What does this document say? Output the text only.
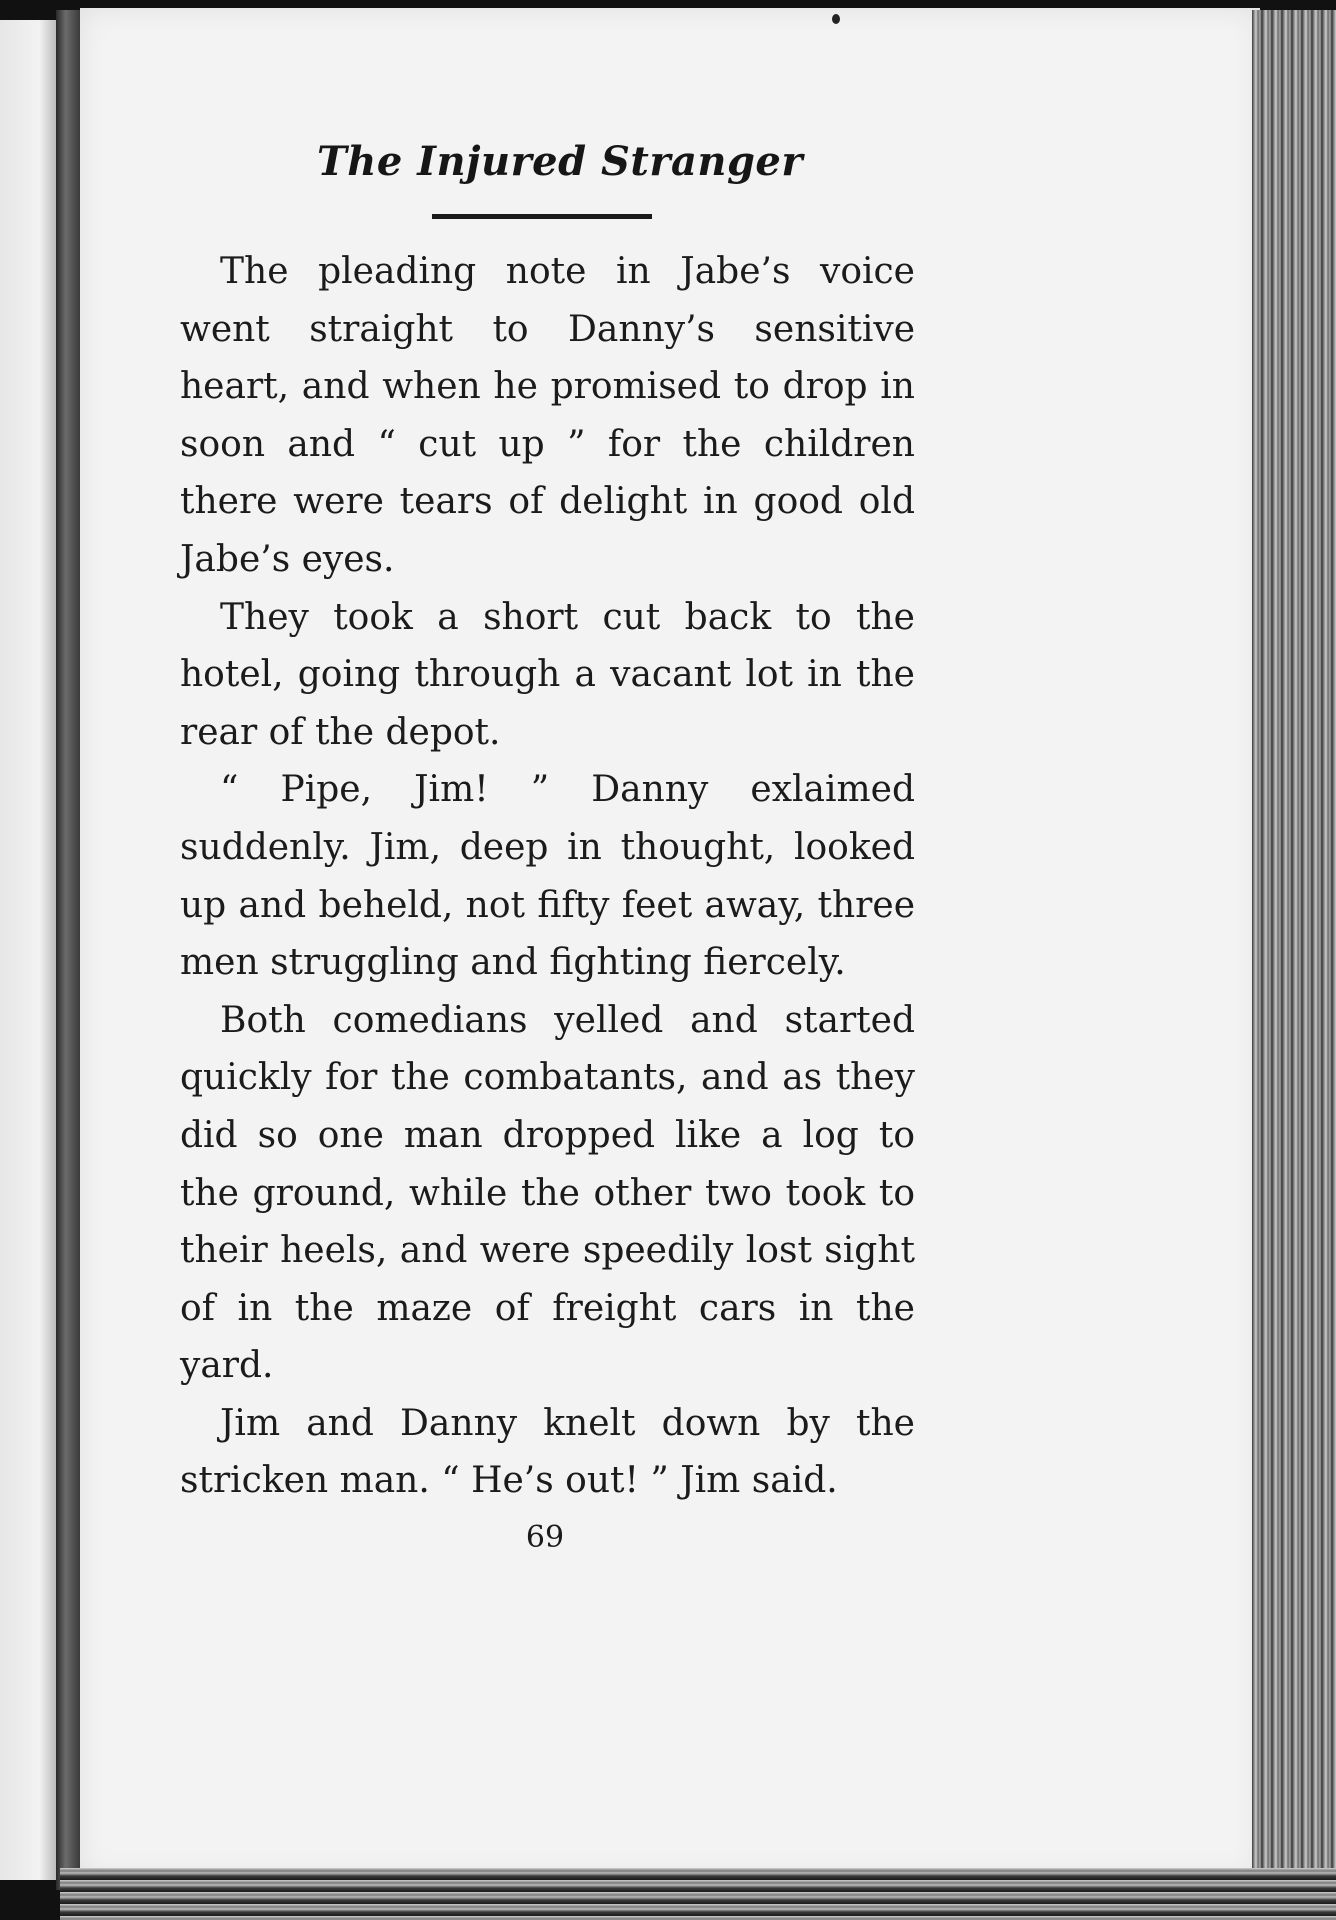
The Injured Stranger

The pleading note in Jabe’s voice went straight to Danny’s sensitive heart, and when he promised to drop in soon and “ cut up ” for the children there were tears of delight in good old Jabe’s eyes.

They took a short cut back to the hotel, going through a vacant lot in the rear of the depot.

“ Pipe, Jim! ” Danny exlaimed suddenly. Jim, deep in thought, looked up and beheld, not fifty feet away, three men struggling and fighting fiercely.

Both comedians yelled and started quickly for the combatants, and as they did so one man dropped like a log to the ground, while the other two took to their heels, and were speedily lost sight of in the maze of freight cars in the yard.

Jim and Danny knelt down by the stricken man. “ He’s out! ” Jim said.

69
